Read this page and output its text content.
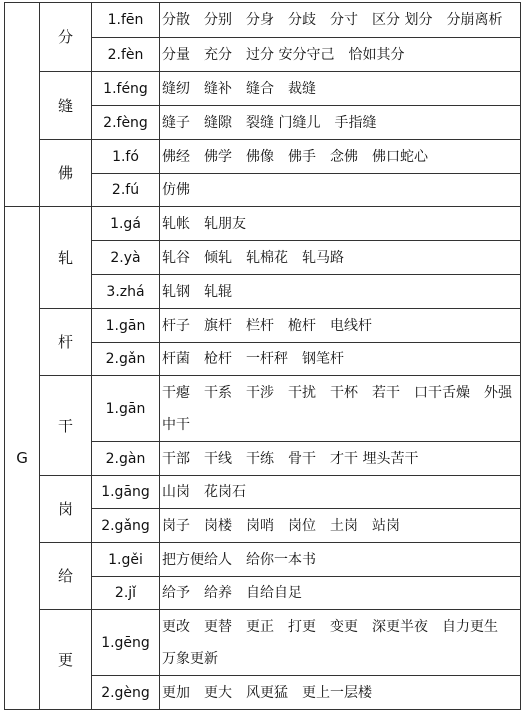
	分	1.fēn	分散　分别　分身　分歧　分寸　区分 划分　分崩离析
		2.fèn	分量　充分　过分 安分守己　恰如其分
	缝	1.féng	缝纫　缝补　缝合　裁缝
		2.fèng	缝子　缝隙　裂缝 门缝儿　手指缝
	佛	1.fó	佛经　佛学　佛像　佛手　念佛　佛口蛇心
		2.fú	仿佛
G	轧	1.gá	轧帐　轧朋友
		2.yà	轧谷　倾轧　轧棉花　轧马路
		3.zhá	轧钢　轧辊
	杆	1.gān	杆子　旗杆　栏杆　桅杆　电线杆
		2.gǎn	杆菌　枪杆　一杆秤　钢笔杆
	干	1.gān	干瘪　干系　干涉　干扰　干杯　若干　口干舌燥　外强中干

		2.gàn	干部　干线　干练　骨干　才干 埋头苦干
	岗	1.gāng	山岗　花岗石
		2.gǎng	岗子　岗楼　岗哨　岗位　土岗　站岗
	给	1.gěi	把方便给人　给你一本书
		2.jǐ	给予　给养　自给自足
	更	1.gēng	更改　更替　更正　打更　变更　深更半夜　自力更生　万象更新

		2.gèng	更加　更大　风更猛　更上一层楼
